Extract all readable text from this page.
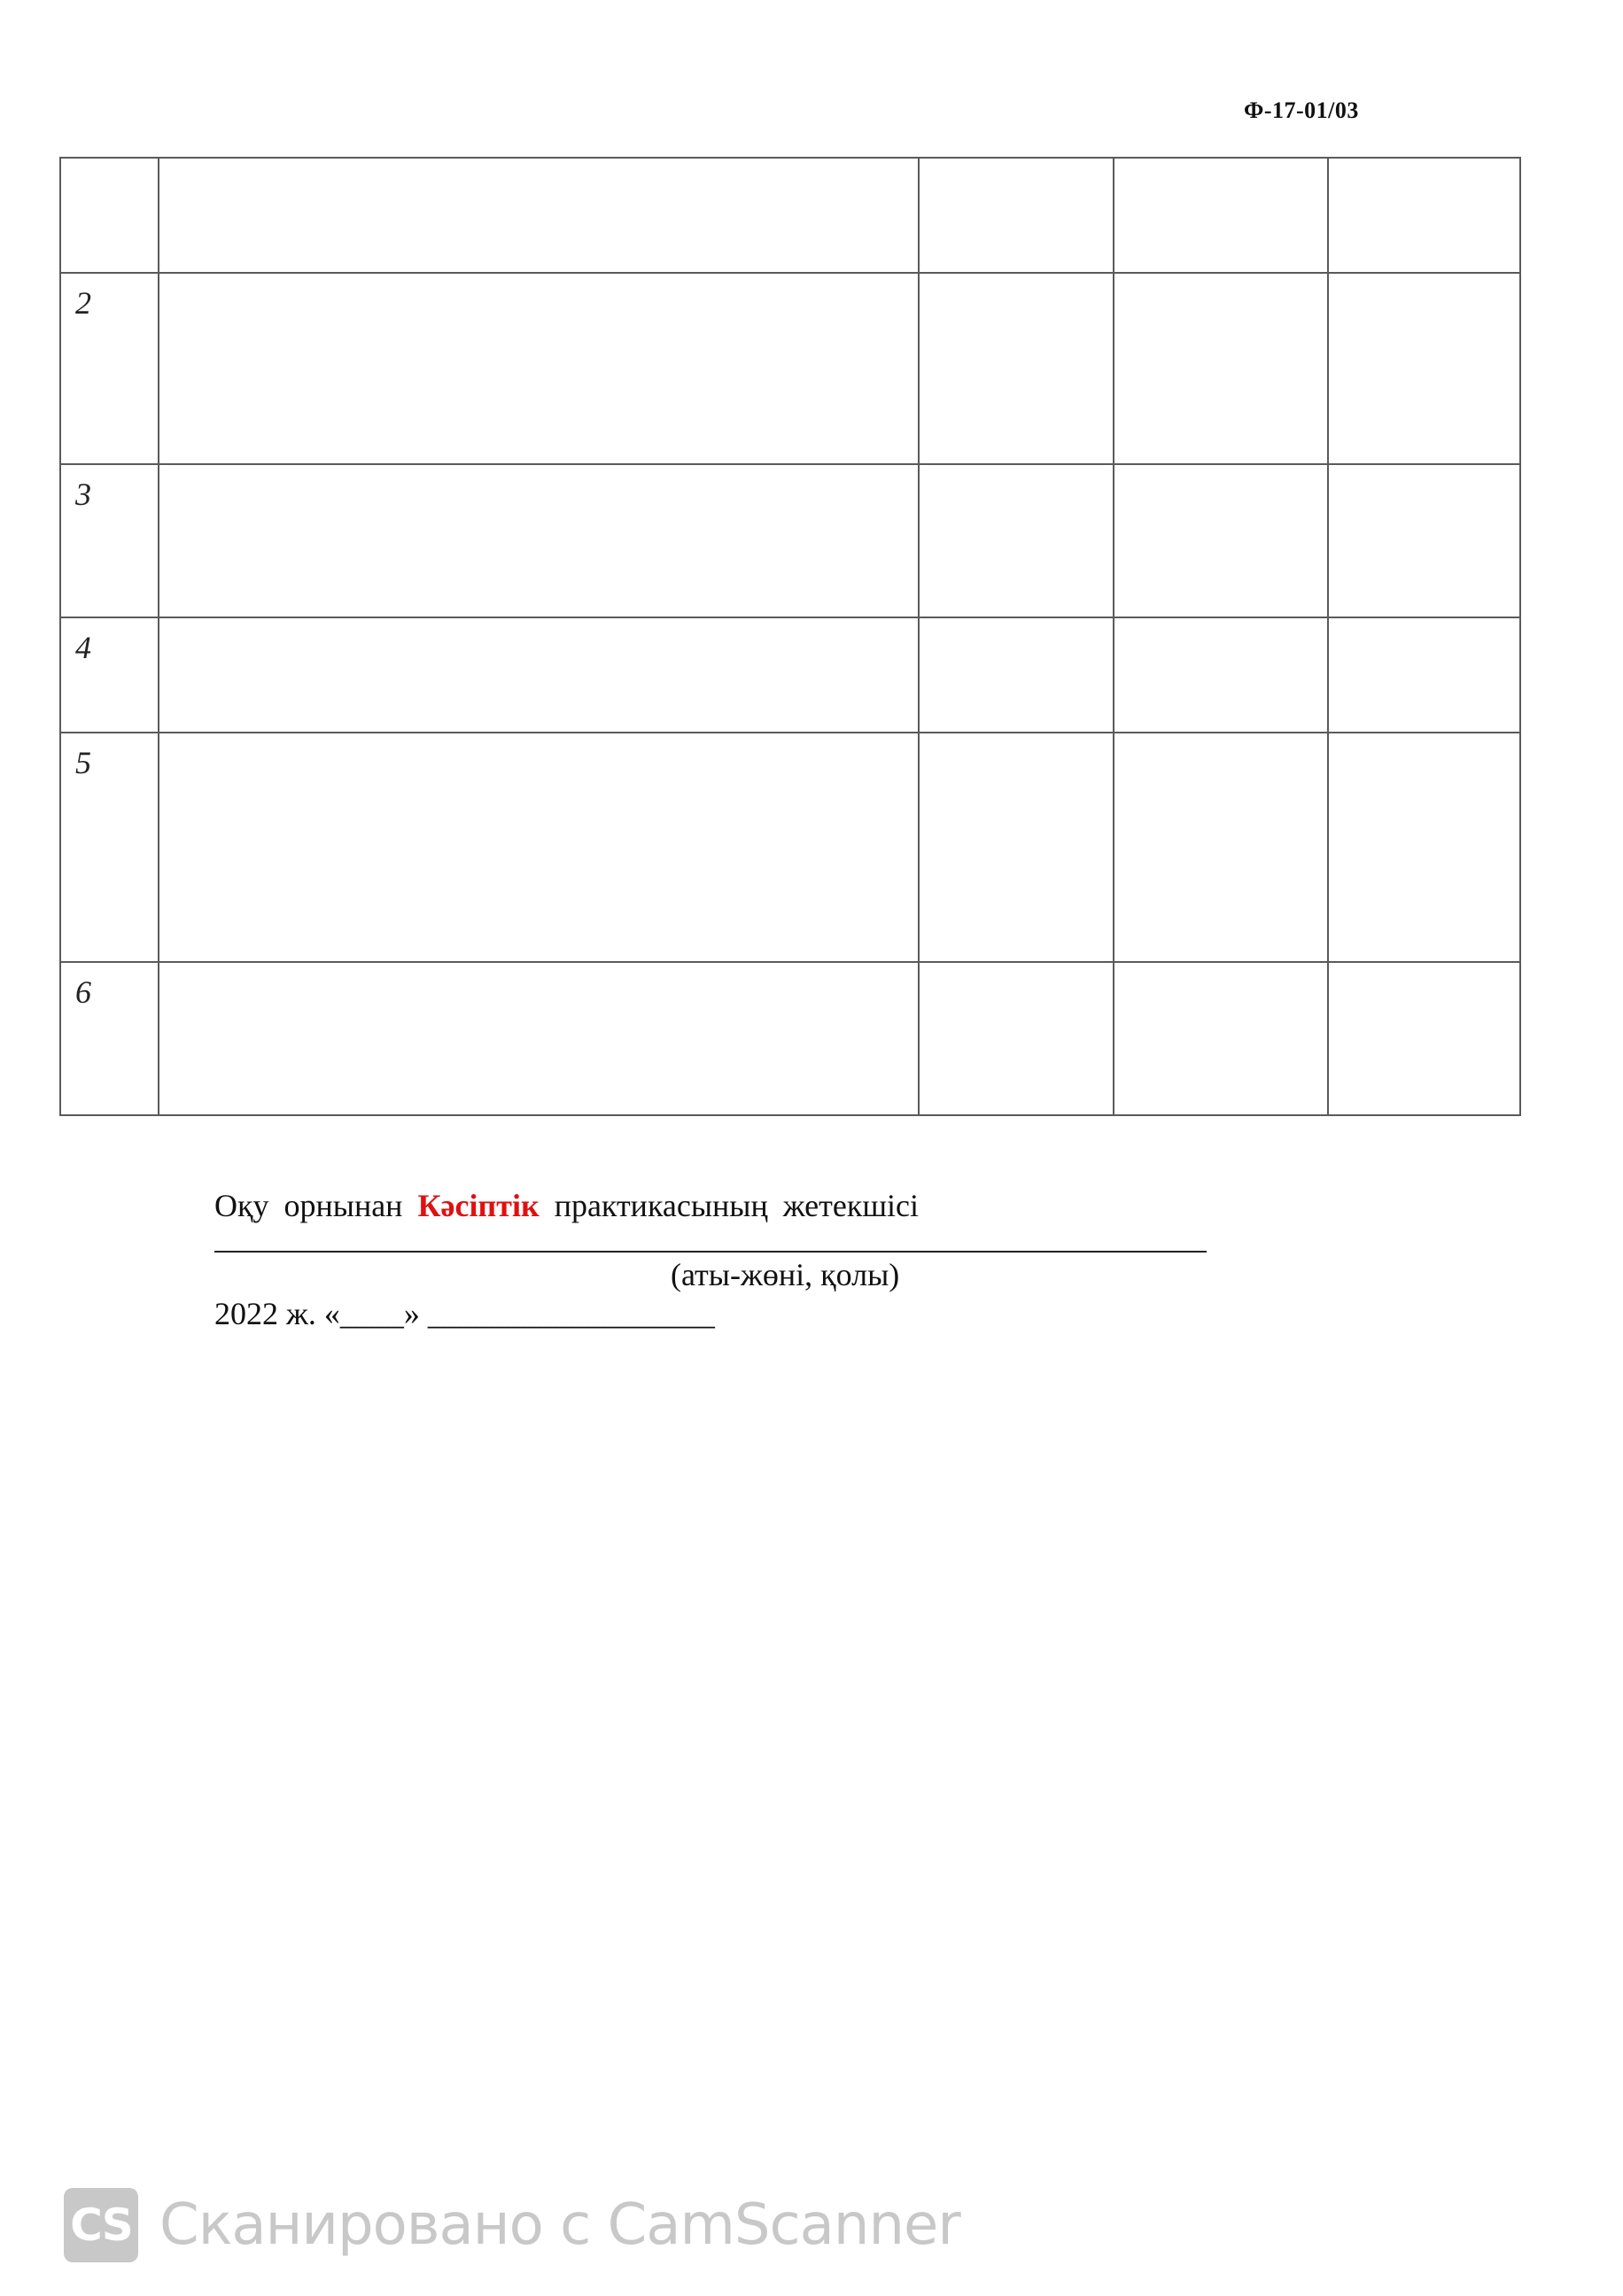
Ф-17-01/03

2				
3				
4				
5				
6				
Оқу орнынан Кәсіптік практикасының жетекшісі
(аты-жөні, қолы)
2022 ж. «____» __________________
CS Сканировано с CamScanner
